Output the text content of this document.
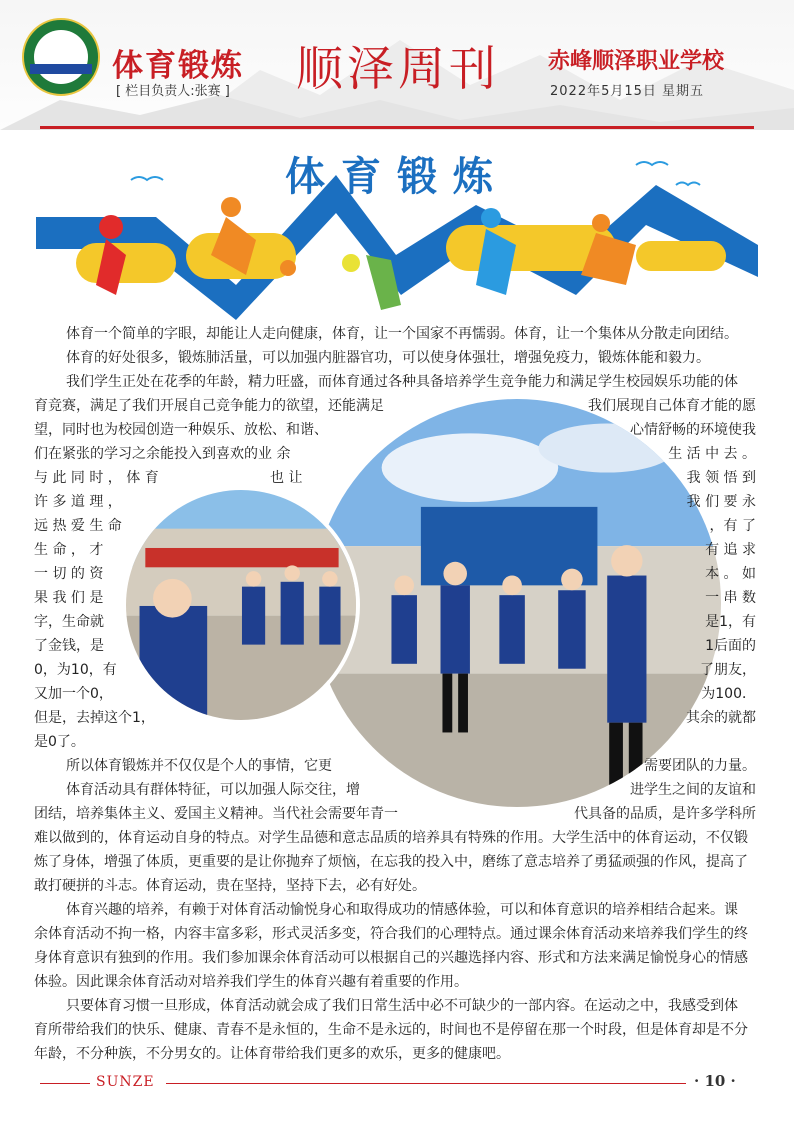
体育锻炼
[ 栏目负责人:张赛 ] 顺泽周刊 赤峰顺泽职业学校
2022年5月15日 星期五
体育锻炼
体育一个简单的字眼，却能让人走向健康，体育，让一个国家不再懦弱。体育，让一个集体从分散走向团结。
体育的好处很多，锻炼肺活量，可以加强内脏器官功，可以使身体强壮，增强免疫力，锻炼体能和毅力。
我们学生正处在花季的年龄，精力旺盛，而体育通过各种具备培养学生竞争能力和满足学生校园娱乐功能的体
育竞赛，满足了我们开展自己竞争能力的欲望，还能满足	我们展现自己体育才能的愿
望，同时也为校园创造一种娱乐、放松、和谐、	心情舒畅的环境使我
们在紧张的学习之余能投入到喜欢的业 余	生 活 中 去 。
与 此 同 时 ， 体 育	也 让	我 领 悟 到
许 多 道 理 ，	我 们 要 永
远 热 爱 生 命	，有 了
生 命 ， 才	有 追 求
一 切 的 资	本 。 如
果 我 们 是	一 串 数
字，生命就	是1，有
了金钱，是	1后面的
0，为10，有	了朋友，
又加一个0，	为100．
但是，去掉这个1，	其余的就都
是0了。
所以体育锻炼并不仅仅是个人的事情，它更	需要团队的力量。
体育活动具有群体特征，可以加强人际交往，增	进学生之间的友谊和
团结，培养集体主义、爱国主义精神。当代社会需要年青一	代具备的品质，是许多学科所
难以做到的，体育运动自身的特点。对学生品德和意志品质的培养具有特殊的作用。大学生活中的体育运动，不仅锻
炼了身体，增强了体质，更重要的是让你抛弃了烦恼，在忘我的投入中，磨练了意志培养了勇猛顽强的作风，提高了
敢打硬拼的斗志。体育运动，贵在坚持，坚持下去，必有好处。
体育兴趣的培养，有赖于对体育活动愉悦身心和取得成功的情感体验，可以和体育意识的培养相结合起来。课
余体育活动不拘一格，内容丰富多彩，形式灵活多变，符合我们的心理特点。通过课余体育活动来培养我们学生的终
身体育意识有独到的作用。我们参加课余体育活动可以根据自己的兴趣选择内容、形式和方法来满足愉悦身心的情感
体验。因此课余体育活动对培养我们学生的体育兴趣有着重要的作用。
只要体育习惯一旦形成，体育活动就会成了我们日常生活中必不可缺少的一部内容。在运动之中，我感受到体
育所带给我们的快乐、健康、青春不是永恒的，生命不是永远的，时间也不是停留在那一个时段，但是体育却是不分
年龄，不分种族，不分男女的。让体育带给我们更多的欢乐，更多的健康吧。
SUNZE	· 10 ·
